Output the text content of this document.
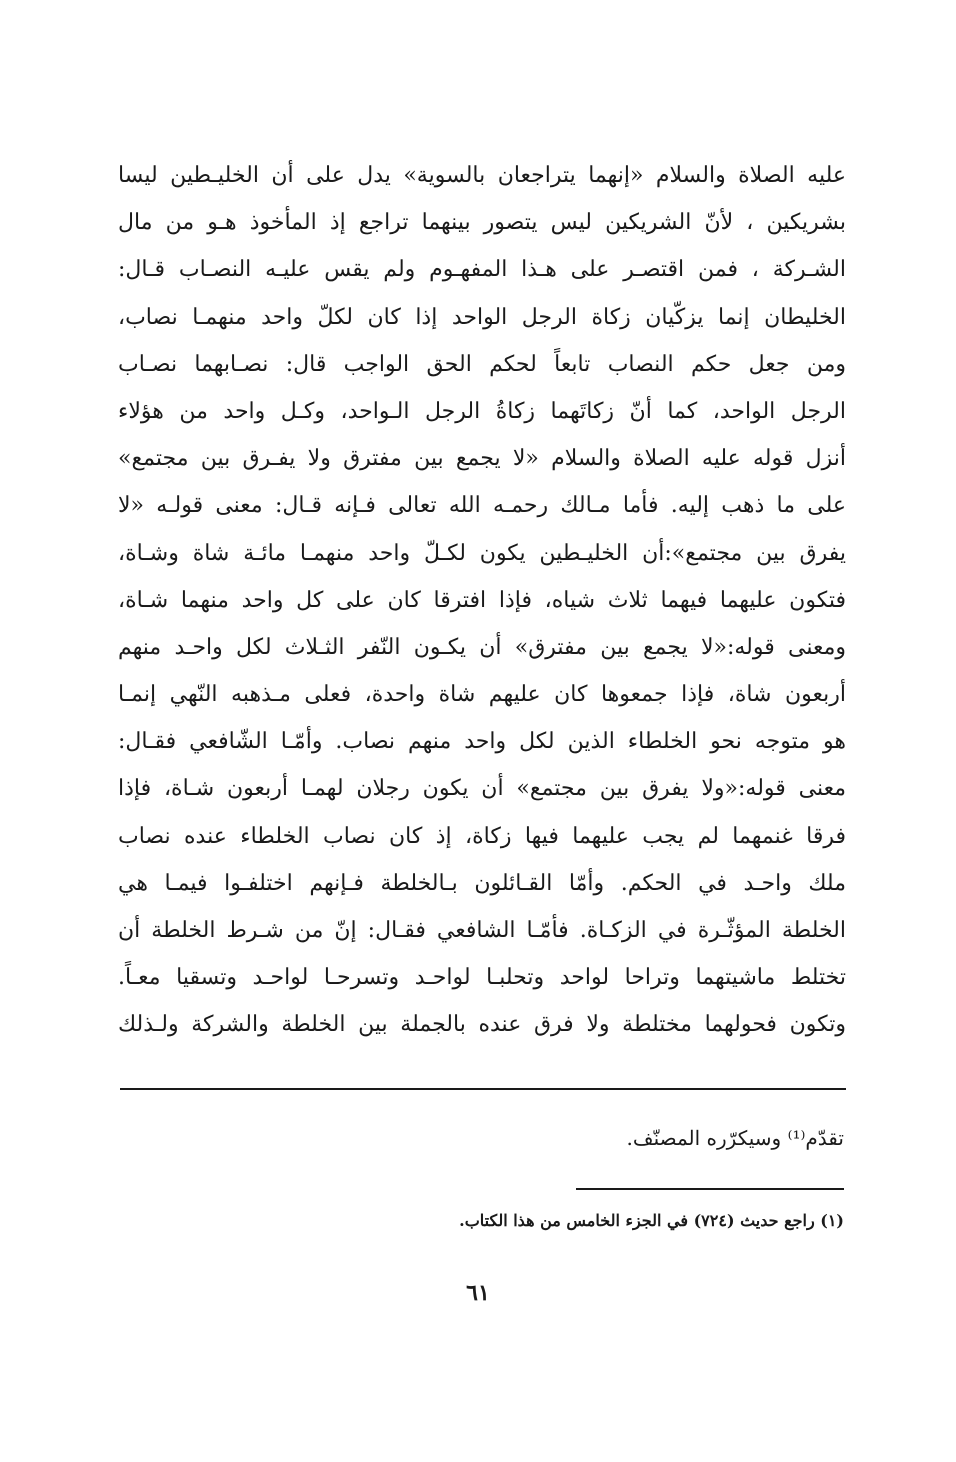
عليه الصلاة والسلام «إنهما يتراجعان بالسوية» يدل على أن الخليـطين ليسا
بشريكين ، لأنّ الشريكين ليس يتصور بينهما تراجع إذ المأخوذ هـو من مال
الشـركة ، فمن اقتصـر على هـذا المفهـوم ولم يقس عليـه النصـاب قـال:
الخليطان إنما يزكّيان زكاة الرجل الواحد إذا كان لكلّ واحد منهمـا نصاب،
ومن جعل حكم النصاب تابعاً لحكم الحق الواجب قال: نصـابهما نصـاب
الرجل الواحد، كما أنّ زكاتَهما زكاةُ الرجل الـواحد، وكـل واحد من هؤلاء
أنزل قوله عليه الصلاة والسلام «لا يجمع بين مفترق ولا يفـرق بين مجتمع»
على ما ذهب إليه. فأما مـالك رحمـه الله تعالى فـإنه قـال: معنى قولـه «لا
يفرق بين مجتمع»:أن الخليـطين يكون لكـلّ واحد منهمـا مائـة شاة وشـاة،
فتكون عليهما فيهما ثلاث شياه، فإذا افترقا كان على كل واحد منهما شـاة،
ومعنى قوله:«لا يجمع بين مفترق» أن يكـون النّفر الثـلاث لكل واحـد منهم
أربعون شاة، فإذا جمعوها كان عليهم شاة واحدة، فعلى مـذهبه النّهي إنمـا
هو متوجه نحو الخلطاء الذين لكل واحد منهم نصاب. وأمّـا الشّافعي فقـال:
معنى قوله:«ولا يفرق بين مجتمع» أن يكون رجلان لهمـا أربعون شـاة، فإذا
فرقا غنمهما لم يجب عليهما فيها زكاة، إذ كان نصاب الخلطاء عنده نصاب
ملك واحـد في الحكم. وأمّا القـائلون بـالخلطة فـإنهم اختلفـوا فيمـا هي
الخلطة المؤثّـرة في الزكـاة. فأمّـا الشافعي فقـال: إنّ من شـرط الخلطة أن
تختلط ماشيتهما وتراحا لواحد وتحلبـا لواحـد وتسرحـا لواحـد وتسقيا معـاً.
وتكون فحولهما مختلطة ولا فرق عنده بالجملة بين الخلطة والشركة ولـذلك
تقدّم⁽¹⁾ وسيكرّره المصنّف.
(١) راجع حديث (٧٢٤) في الجزء الخامس من هذا الكتاب.
٦١
